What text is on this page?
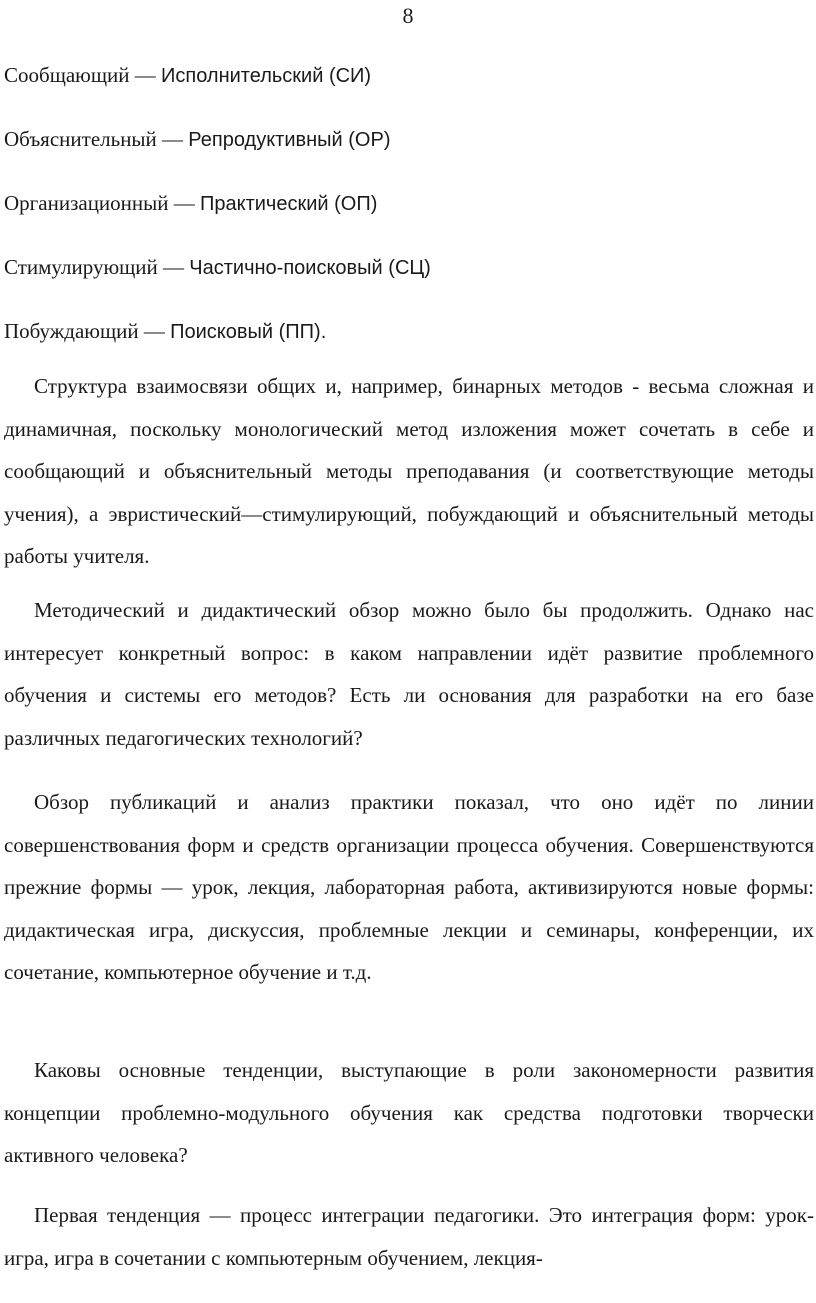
8
Сообщающий — Исполнительский (СИ)
Объяснительный — Репродуктивный (ОР)
Организационный — Практический (ОП)
Стимулирующий — Частично-поисковый (СЦ)
Побуждающий — Поисковый (ПП).

Структура взаимосвязи общих и, например, бинарных методов - весьма сложная и динамичная, поскольку монологический метод изложения может сочетать в себе и сообщающий и объяснительный методы преподавания (и соответствующие методы учения), а эвристический—стимулирующий, побуждающий и объяснительный методы работы учителя.

Методический и дидактический обзор можно было бы продолжить. Однако нас интересует конкретный вопрос: в каком направлении идёт развитие проблемного обучения и системы его методов? Есть ли основания для разработки на его базе различных педагогических технологий?

Обзор публикаций и анализ практики показал, что оно идёт по линии совершенствования форм и средств организации процесса обучения. Совершенствуются прежние формы — урок, лекция, лабораторная работа, активизируются новые формы: дидактическая игра, дискуссия, проблемные лекции и семинары, конференции, их сочетание, компьютерное обучение и т.д.

Каковы основные тенденции, выступающие в роли закономерности развития концепции проблемно-модульного обучения как средства подготовки творчески активного человека?

Первая тенденция — процесс интеграции педагогики. Это интеграция форм: урок-игра, игра в сочетании с компьютерным обучением, лекция-
